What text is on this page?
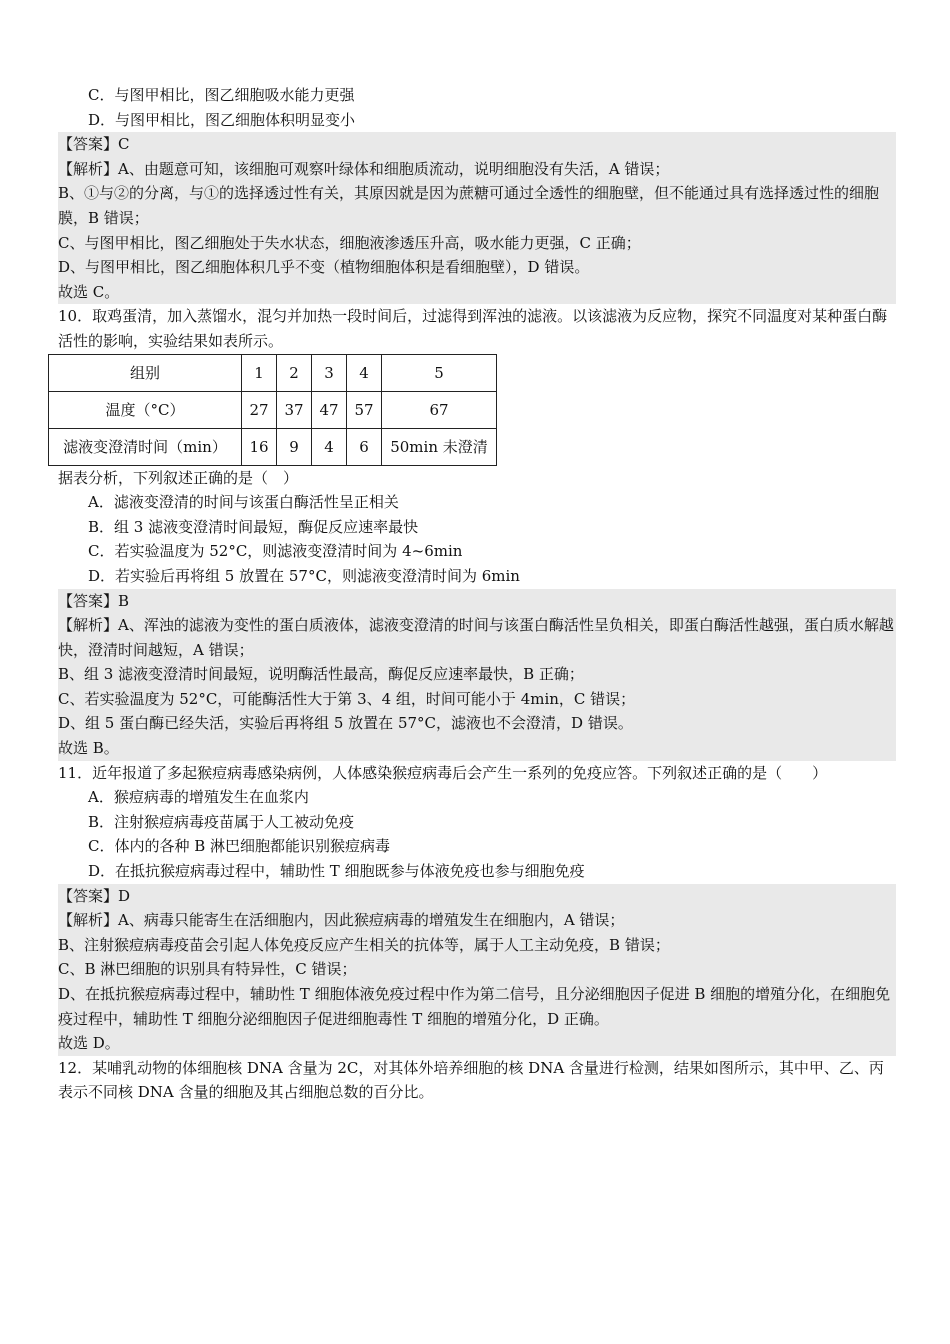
C．与图甲相比，图乙细胞吸水能力更强
D．与图甲相比，图乙细胞体积明显变小
【答案】C
【解析】A、由题意可知，该细胞可观察叶绿体和细胞质流动，说明细胞没有失活，A 错误；
B、①与②的分离，与①的选择透过性有关，其原因就是因为蔗糖可通过全透性的细胞壁，但不能通过具有选择透过性的细胞膜，B 错误；
C、与图甲相比，图乙细胞处于失水状态，细胞液渗透压升高，吸水能力更强，C 正确；
D、与图甲相比，图乙细胞体积几乎不变（植物细胞体积是看细胞壁），D 错误。
故选 C。
10．取鸡蛋清，加入蒸馏水，混匀并加热一段时间后，过滤得到浑浊的滤液。以该滤液为反应物，探究不同温度对某种蛋白酶活性的影响，实验结果如表所示。
组别	1	2	3	4	5
温度（°C）	27	37	47	57	67
滤液变澄清时间（min）	16	9	4	6	50min 未澄清
据表分析，下列叙述正确的是（　）
A．滤液变澄清的时间与该蛋白酶活性呈正相关
B．组 3 滤液变澄清时间最短，酶促反应速率最快
C．若实验温度为 52°C，则滤液变澄清时间为 4~6min
D．若实验后再将组 5 放置在 57°C，则滤液变澄清时间为 6min
【答案】B
【解析】A、浑浊的滤液为变性的蛋白质液体，滤液变澄清的时间与该蛋白酶活性呈负相关，即蛋白酶活性越强，蛋白质水解越快，澄清时间越短，A 错误；
B、组 3 滤液变澄清时间最短，说明酶活性最高，酶促反应速率最快，B 正确；
C、若实验温度为 52°C，可能酶活性大于第 3、4 组，时间可能小于 4min，C 错误；
D、组 5 蛋白酶已经失活，实验后再将组 5 放置在 57°C，滤液也不会澄清，D 错误。
故选 B。
11．近年报道了多起猴痘病毒感染病例，人体感染猴痘病毒后会产生一系列的免疫应答。下列叙述正确的是（　　）
A．猴痘病毒的增殖发生在血浆内
B．注射猴痘病毒疫苗属于人工被动免疫
C．体内的各种 B 淋巴细胞都能识别猴痘病毒
D．在抵抗猴痘病毒过程中，辅助性 T 细胞既参与体液免疫也参与细胞免疫
【答案】D
【解析】A、病毒只能寄生在活细胞内，因此猴痘病毒的增殖发生在细胞内，A 错误；
B、注射猴痘病毒疫苗会引起人体免疫反应产生相关的抗体等，属于人工主动免疫，B 错误；
C、B 淋巴细胞的识别具有特异性，C 错误；
D、在抵抗猴痘病毒过程中，辅助性 T 细胞体液免疫过程中作为第二信号，且分泌细胞因子促进 B 细胞的增殖分化，在细胞免疫过程中，辅助性 T 细胞分泌细胞因子促进细胞毒性 T 细胞的增殖分化，D 正确。
故选 D。
12．某哺乳动物的体细胞核 DNA 含量为 2C，对其体外培养细胞的核 DNA 含量进行检测，结果如图所示，其中甲、乙、丙表示不同核 DNA 含量的细胞及其占细胞总数的百分比。
